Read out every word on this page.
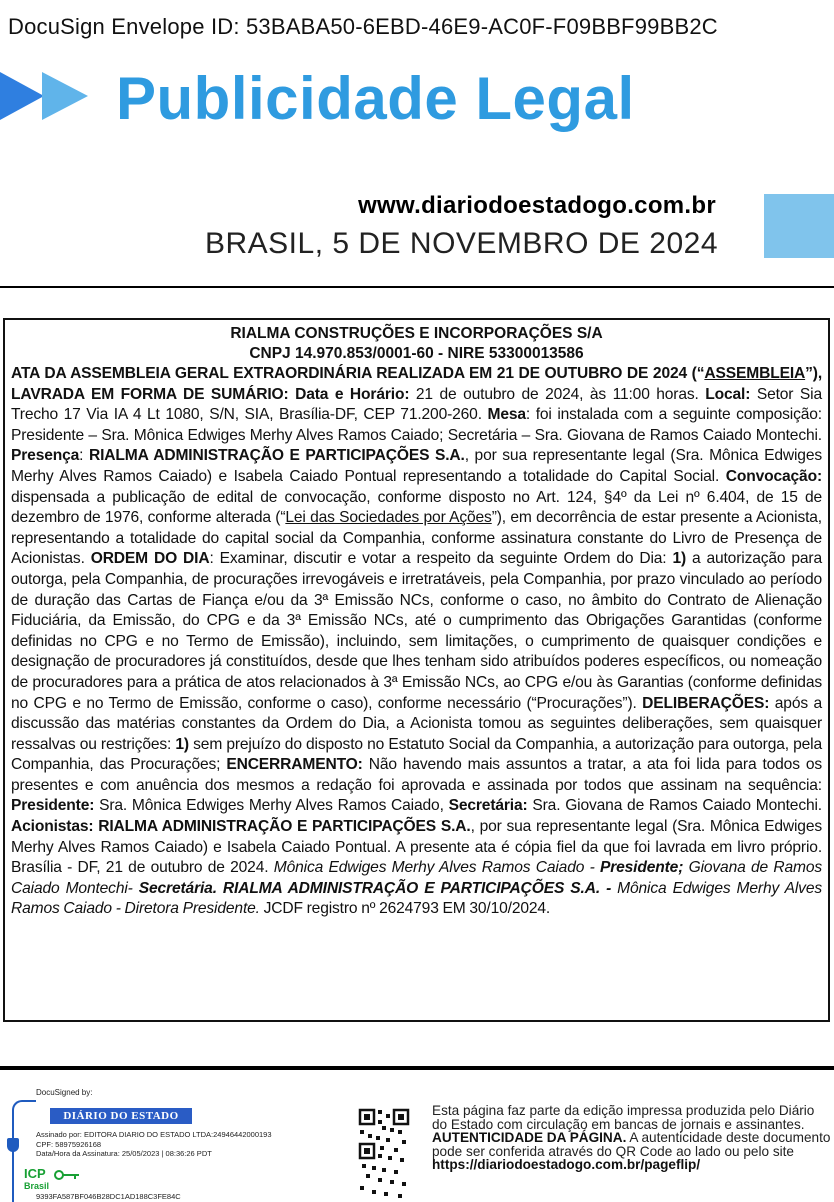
DocuSign Envelope ID: 53BABA50-6EBD-46E9-AC0F-F09BBF99BB2C
Publicidade Legal
www.diariodoestadogo.com.br
BRASIL, 5 DE NOVEMBRO DE 2024
RIALMA CONSTRUÇÕES E INCORPORAÇÕES S/A
CNPJ 14.970.853/0001-60 - NIRE 53300013586
ATA DA ASSEMBLEIA GERAL EXTRAORDINÁRIA REALIZADA EM 21 DE OUTUBRO DE 2024 (“ASSEMBLEIA”), LAVRADA EM FORMA DE SUMÁRIO: Data e Horário: 21 de outubro de 2024, às 11:00 horas. Local: Setor Sia Trecho 17 Via IA 4 Lt 1080, S/N, SIA, Brasília-DF, CEP 71.200-260. Mesa: foi instalada com a seguinte composição: Presidente – Sra. Mônica Edwiges Merhy Alves Ramos Caiado; Secretária – Sra. Giovana de Ramos Caiado Montechi. Presença: RIALMA ADMINISTRAÇÃO E PARTICIPAÇÕES S.A., por sua representante legal (Sra. Mônica Edwiges Merhy Alves Ramos Caiado) e Isabela Caiado Pontual representando a totalidade do Capital Social. Convocação: dispensada a publicação de edital de convocação, conforme disposto no Art. 124, §4º da Lei nº 6.404, de 15 de dezembro de 1976, conforme alterada (“Lei das Sociedades por Ações”), em decorrência de estar presente a Acionista, representando a totalidade do capital social da Companhia, conforme assinatura constante do Livro de Presença de Acionistas. ORDEM DO DIA: Examinar, discutir e votar a respeito da seguinte Ordem do Dia: 1) a autorização para outorga, pela Companhia, de procurações irrevogáveis e irretratáveis, pela Companhia, por prazo vinculado ao período de duração das Cartas de Fiança e/ou da 3ª Emissão NCs, conforme o caso, no âmbito do Contrato de Alienação Fiduciária, da Emissão, do CPG e da 3ª Emissão NCs, até o cumprimento das Obrigações Garantidas (conforme definidas no CPG e no Termo de Emissão), incluindo, sem limitações, o cumprimento de quaisquer condições e designação de procuradores já constituídos, desde que lhes tenham sido atribuídos poderes específicos, ou nomeação de procuradores para a prática de atos relacionados à 3ª Emissão NCs, ao CPG e/ou às Garantias (conforme definidas no CPG e no Termo de Emissão, conforme o caso), conforme necessário (“Procurações”). DELIBERAÇÕES: após a discussão das matérias constantes da Ordem do Dia, a Acionista tomou as seguintes deliberações, sem quaisquer ressalvas ou restrições: 1) sem prejuízo do disposto no Estatuto Social da Companhia, a autorização para outorga, pela Companhia, das Procurações; ENCERRAMENTO: Não havendo mais assuntos a tratar, a ata foi lida para todos os presentes e com anuência dos mesmos a redação foi aprovada e assinada por todos que assinam na sequência: Presidente: Sra. Mônica Edwiges Merhy Alves Ramos Caiado, Secretária: Sra. Giovana de Ramos Caiado Montechi. Acionistas: RIALMA ADMINISTRAÇÃO E PARTICIPAÇÕES S.A., por sua representante legal (Sra. Mônica Edwiges Merhy Alves Ramos Caiado) e Isabela Caiado Pontual. A presente ata é cópia fiel da que foi lavrada em livro próprio. Brasília - DF, 21 de outubro de 2024. Mônica Edwiges Merhy Alves Ramos Caiado - Presidente; Giovana de Ramos Caiado Montechi- Secretária. RIALMA ADMINISTRAÇÃO E PARTICIPAÇÕES S.A. - Mônica Edwiges Merhy Alves Ramos Caiado - Diretora Presidente. JCDF registro nº 2624793 EM 30/10/2024.
DocuSigned by:
DIÁRIO DO ESTADO
Assinado por: EDITORA DIARIO DO ESTADO LTDA:24946442000193
CPF: 58975926168
Data/Hora da Assinatura: 25/05/2023 | 08:36:26 PDT
ICP
Brasil
9393FA587BF046B28DC1AD188C3FE84C
Esta página faz parte da edição impressa produzida pelo Diário do Estado com circulação em bancas de jornais e assinantes.
AUTENTICIDADE DA PÁGINA. A autenticidade deste documento pode ser conferida através do QR Code ao lado ou pelo site https://diariodoestadogo.com.br/pageflip/
